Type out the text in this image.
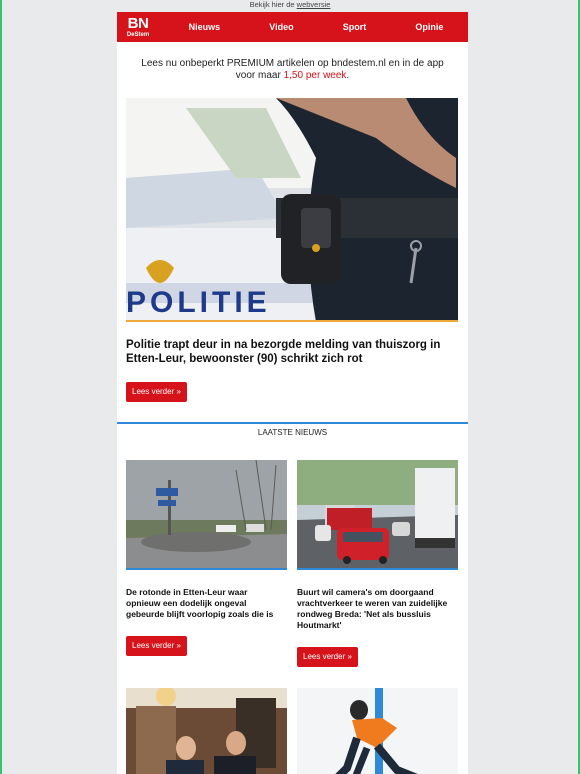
Bekijk hier de webversie
BN
DeStem
Nieuws	Video	Sport	Opinie
Lees nu onbeperkt PREMIUM artikelen op bndestem.nl en in de app voor maar 1,50 per week.
POLITIE
Politie trapt deur in na bezorgde melding van thuiszorg in Etten-Leur, bewoonster (90) schrikt zich rot
Lees verder »
LAATSTE NIEUWS
De rotonde in Etten-Leur waar opnieuw een dodelijk ongeval gebeurde blijft voorlopig zoals die is
Lees verder »
Buurt wil camera's om doorgaand vrachtverkeer te weren van zuidelijke rondweg Breda: 'Net als bussluis Houtmarkt'
Lees verder »
